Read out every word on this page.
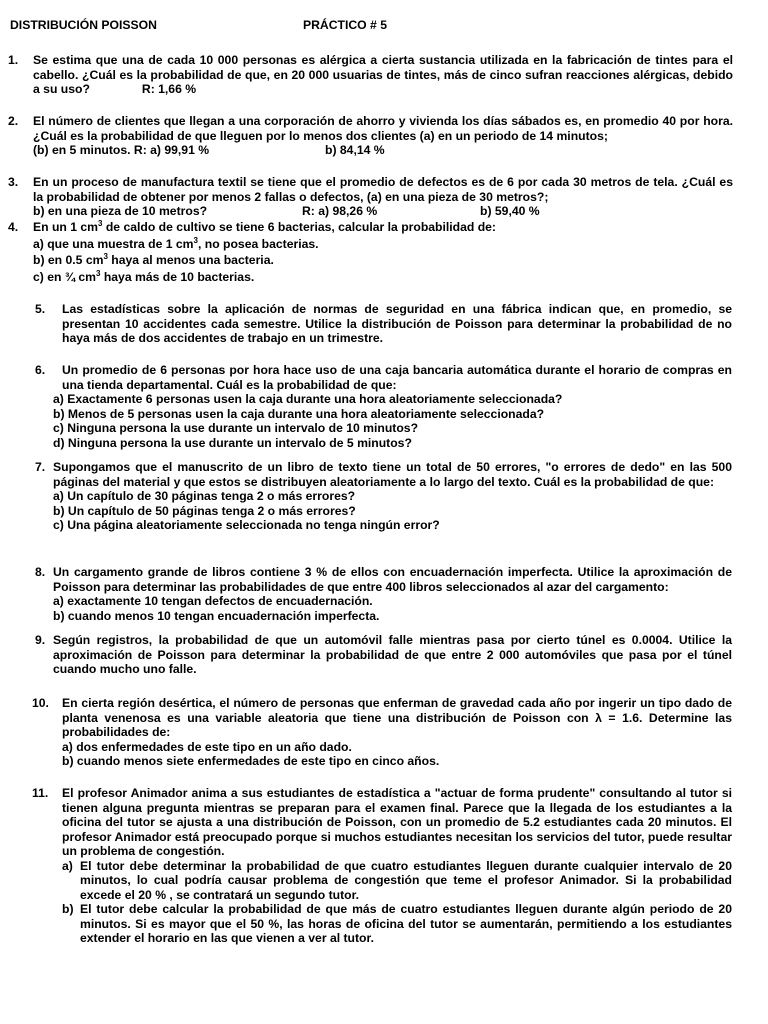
DISTRIBUCIÓN POISSON	PRÁCTICO # 5
1. Se estima que una de cada 10 000 personas es alérgica a cierta sustancia utilizada en la fabricación de tintes para el cabello. ¿Cuál es la probabilidad de que, en 20 000 usuarias de tintes, más de cinco sufran reacciones alérgicas, debido a su uso?	R: 1,66 %
2. El número de clientes que llegan a una corporación de ahorro y vivienda los días sábados es, en promedio 40 por hora. ¿Cuál es la probabilidad de que lleguen por lo menos dos clientes (a) en un periodo de 14 minutos;
(b) en 5 minutos. R: a) 99,91 %	b) 84,14 %
3. En un proceso de manufactura textil se tiene que el promedio de defectos es de 6 por cada 30 metros de tela. ¿Cuál es la probabilidad de obtener por menos 2 fallas o defectos, (a) en una pieza de 30 metros?;
b) en una pieza de 10 metros?	R: a) 98,26 %	b) 59,40 %
4. En un 1 $cm^3$ de caldo de cultivo se tiene 6 bacterias, calcular la probabilidad de:
a) que una muestra de 1 $cm^3$, no posea bacterias.
b) en 0.5 $cm^3$ haya al menos una bacteria.
c) en ¾ $cm^3$ haya más de 10 bacterias.
5. Las estadísticas sobre la aplicación de normas de seguridad en una fábrica indican que, en promedio, se presentan 10 accidentes cada semestre. Utilice la distribución de Poisson para determinar la probabilidad de no haya más de dos accidentes de trabajo en un trimestre.
6. Un promedio de 6 personas por hora hace uso de una caja bancaria automática durante el horario de compras en una tienda departamental. Cuál es la probabilidad de que:
a) Exactamente 6 personas usen la caja durante una hora aleatoriamente seleccionada?
b) Menos de 5 personas usen la caja durante una hora aleatoriamente seleccionada?
c) Ninguna persona la use durante un intervalo de 10 minutos?
d) Ninguna persona la use durante un intervalo de 5 minutos?
7. Supongamos que el manuscrito de un libro de texto tiene un total de 50 errores, "o errores de dedo" en las 500 páginas del material y que estos se distribuyen aleatoriamente a lo largo del texto. Cuál es la probabilidad de que:
a) Un capítulo de 30 páginas tenga 2 o más errores?
b) Un capítulo de 50 páginas tenga 2 o más errores?
c) Una página aleatoriamente seleccionada no tenga ningún error?
8. Un cargamento grande de libros contiene 3 % de ellos con encuadernación imperfecta. Utilice la aproximación de Poisson para determinar las probabilidades de que entre 400 libros seleccionados al azar del cargamento:
a) exactamente 10 tengan defectos de encuadernación.
b) cuando menos 10 tengan encuadernación imperfecta.
9. Según registros, la probabilidad de que un automóvil falle mientras pasa por cierto túnel es 0.0004. Utilice la aproximación de Poisson para determinar la probabilidad de que entre 2 000 automóviles que pasa por el túnel cuando mucho uno falle.
10. En cierta región desértica, el número de personas que enferman de gravedad cada año por ingerir un tipo dado de planta venenosa es una variable aleatoria que tiene una distribución de Poisson con λ = 1.6. Determine las probabilidades de:
a) dos enfermedades de este tipo en un año dado.
b) cuando menos siete enfermedades de este tipo en cinco años.
11. El profesor Animador anima a sus estudiantes de estadística a "actuar de forma prudente" consultando al tutor si tienen alguna pregunta mientras se preparan para el examen final. Parece que la llegada de los estudiantes a la oficina del tutor se ajusta a una distribución de Poisson, con un promedio de 5.2 estudiantes cada 20 minutos. El profesor Animador está preocupado porque si muchos estudiantes necesitan los servicios del tutor, puede resultar un problema de congestión.
a) El tutor debe determinar la probabilidad de que cuatro estudiantes lleguen durante cualquier intervalo de 20 minutos, lo cual podría causar problema de congestión que teme el profesor Animador. Si la probabilidad excede el 20 % , se contratará un segundo tutor.
b) El tutor debe calcular la probabilidad de que más de cuatro estudiantes lleguen durante algún periodo de 20 minutos. Si es mayor que el 50 %, las horas de oficina del tutor se aumentarán, permitiendo a los estudiantes extender el horario en las que vienen a ver al tutor.
